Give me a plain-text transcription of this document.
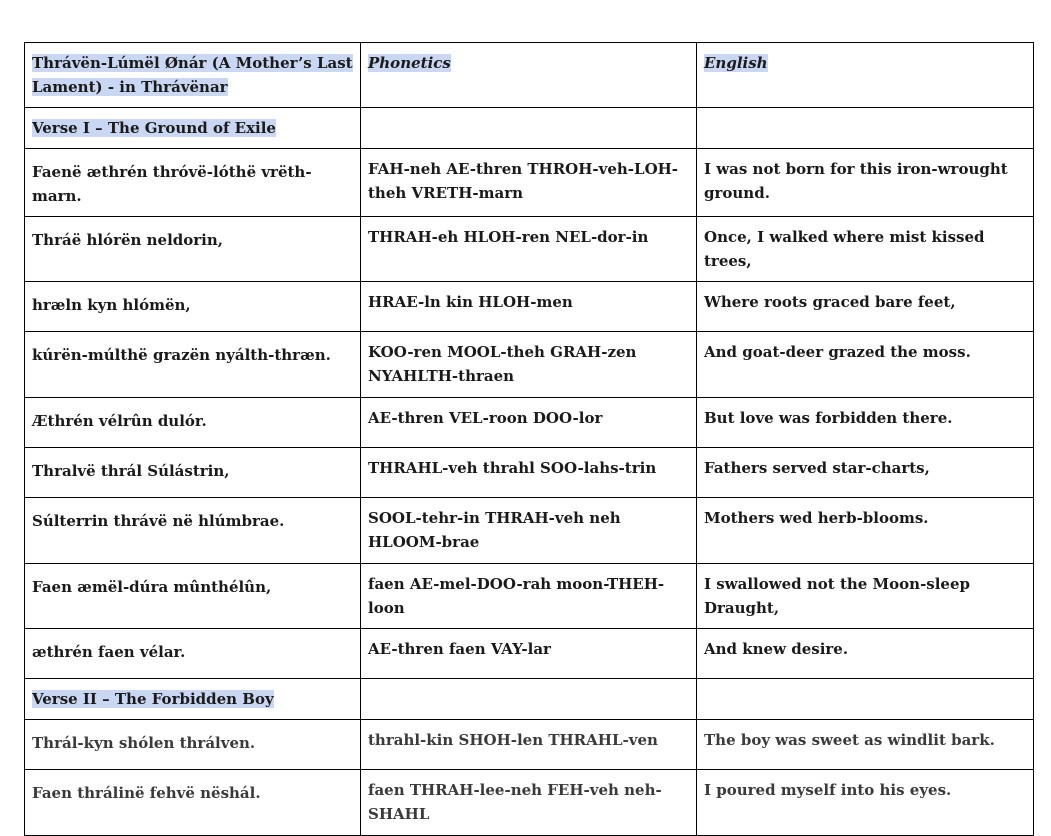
Thrávën-Lúmël Ønár (A Mother’s Last Lament) - in Thrávënar	Phonetics	English
Verse I – The Ground of Exile		
Faenë æthrén thróvë-lóthë vrëth-marn.	FAH-neh AE-thren THROH-veh-LOH-theh VRETH-marn	I was not born for this iron-wrought ground.
Thráë hlórën neldorin,	THRAH-eh HLOH-ren NEL-dor-in	Once, I walked where mist kissed trees,
hræln kyn hlómën,	HRAE-ln kin HLOH-men	Where roots graced bare feet,
kúrën-múlthë grazën nyálth-thræn.	KOO-ren MOOL-theh GRAH-zen NYAHLTH-thraen	And goat-deer grazed the moss.
Æthrén vélrûn dulór.	AE-thren VEL-roon DOO-lor	But love was forbidden there.
Thralvë thrál Súlástrin,	THRAHL-veh thrahl SOO-lahs-trin	Fathers served star-charts,
Súlterrin thrávë në hlúmbrae.	SOOL-tehr-in THRAH-veh neh HLOOM-brae	Mothers wed herb-blooms.
Faen æmël-dúra mûnthélûn,	faen AE-mel-DOO-rah moon-THEH-loon	I swallowed not the Moon-sleep Draught,
æthrén faen vélar.	AE-thren faen VAY-lar	And knew desire.
Verse II – The Forbidden Boy		
Thrál-kyn shólen thrálven.	thrahl-kin SHOH-len THRAHL-ven	The boy was sweet as windlit bark.
Faen thrálinë fehvë nëshál.	faen THRAH-lee-neh FEH-veh neh-SHAHL	I poured myself into his eyes.
